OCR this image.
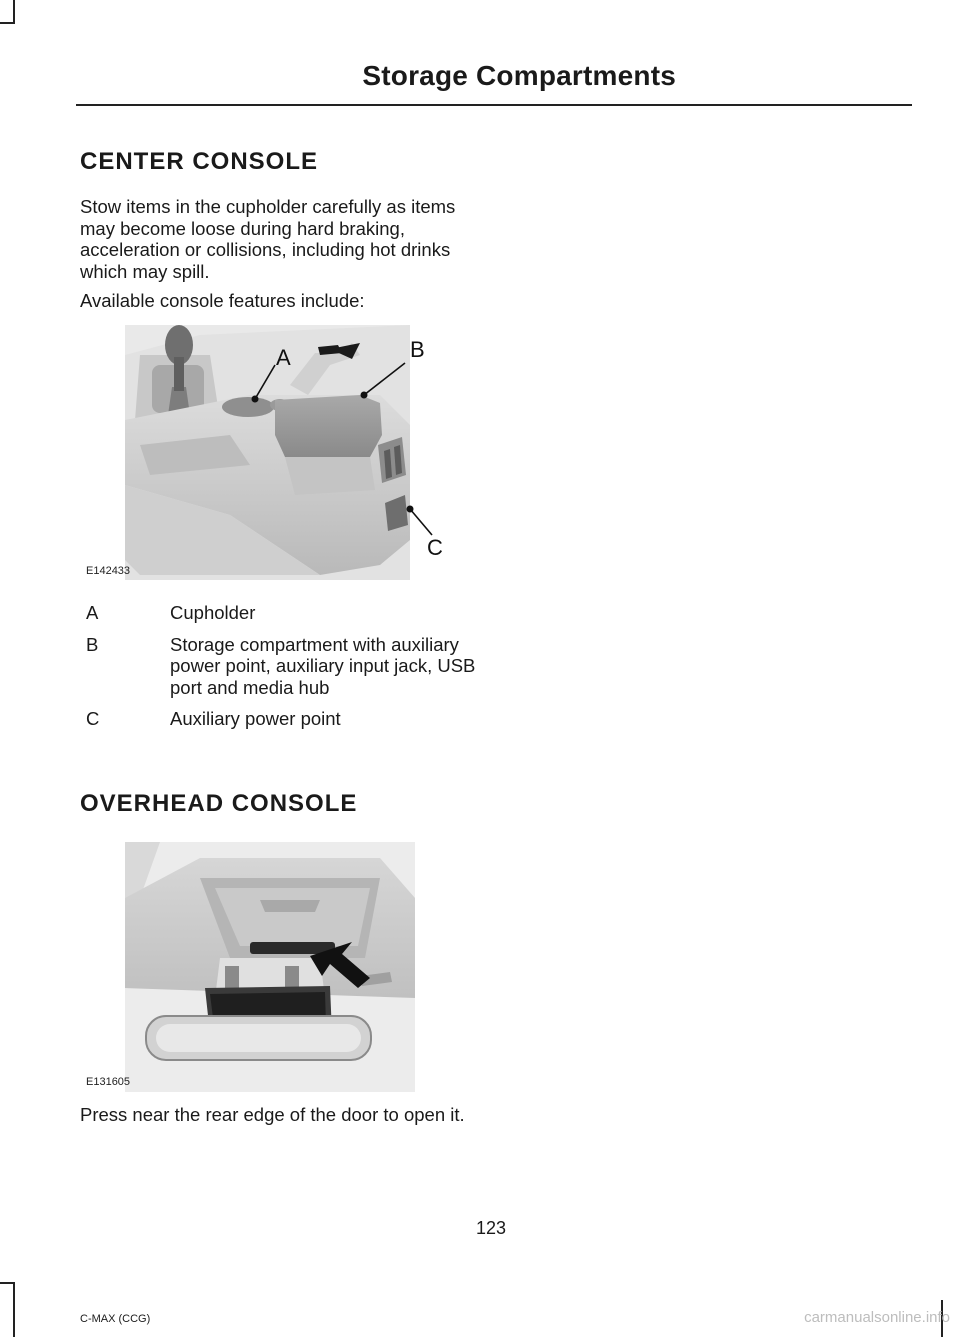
Storage Compartments
CENTER CONSOLE
Stow items in the cupholder carefully as items may become loose during hard braking, acceleration or collisions, including hot drinks which may spill.
Available console features include:
A	B
C
E142433
A	Cupholder
B	Storage compartment with auxiliary power point, auxiliary input jack, USB port and media hub
C	Auxiliary power point
OVERHEAD CONSOLE
E131605
Press near the rear edge of the door to open it.
123
C-MAX (CCG)	carmanualsonline.info
